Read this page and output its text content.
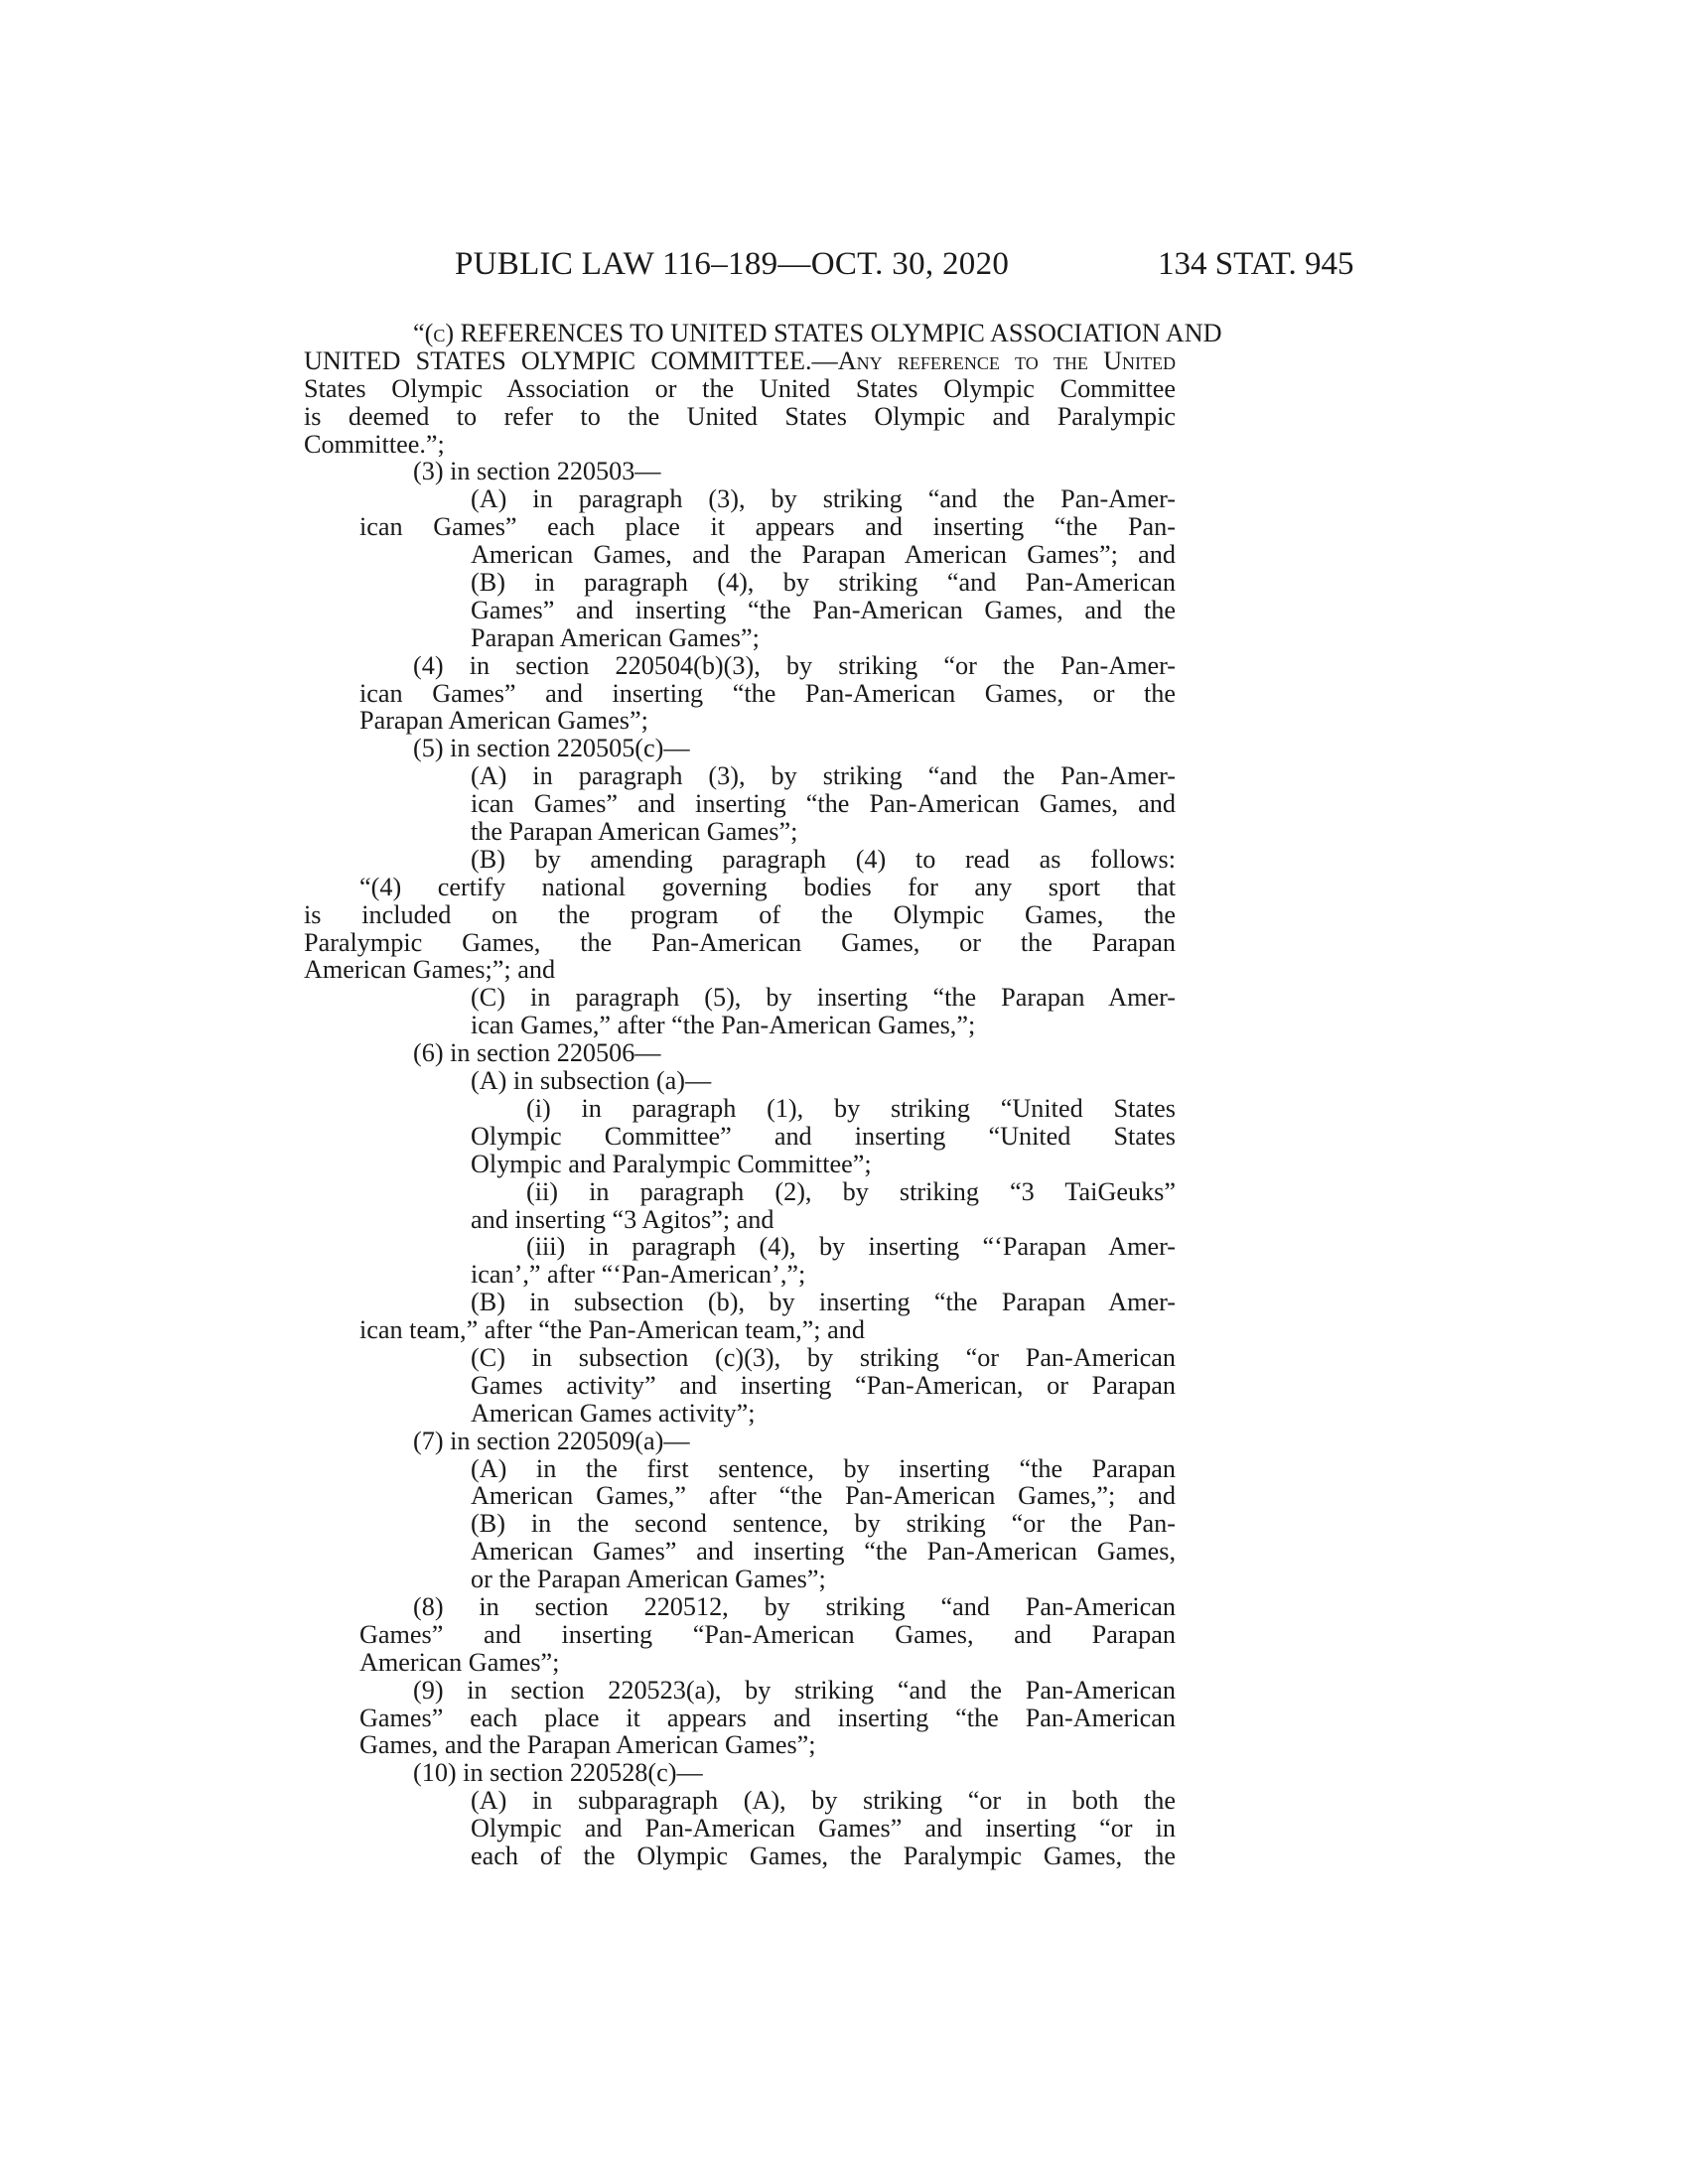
PUBLIC LAW 116–189—OCT. 30, 2020	134 STAT. 945
“(c) REFERENCES TO UNITED STATES OLYMPIC ASSOCIATION AND
UNITED STATES OLYMPIC COMMITTEE.—Any reference to the United
States Olympic Association or the United States Olympic Committee
is deemed to refer to the United States Olympic and Paralympic
Committee.”;
(3) in section 220503—
(A) in paragraph (3), by striking “and the Pan-Amer-
ican Games” each place it appears and inserting “the Pan-
American Games, and the Parapan American Games”; and
(B) in paragraph (4), by striking “and Pan-American
Games” and inserting “the Pan-American Games, and the
Parapan American Games”;
(4) in section 220504(b)(3), by striking “or the Pan-Amer-
ican Games” and inserting “the Pan-American Games, or the
Parapan American Games”;
(5) in section 220505(c)—
(A) in paragraph (3), by striking “and the Pan-Amer-
ican Games” and inserting “the Pan-American Games, and
the Parapan American Games”;
(B) by amending paragraph (4) to read as follows:
“(4) certify national governing bodies for any sport that
is included on the program of the Olympic Games, the
Paralympic Games, the Pan-American Games, or the Parapan
American Games;”; and
(C) in paragraph (5), by inserting “the Parapan Amer-
ican Games,” after “the Pan-American Games,”;
(6) in section 220506—
(A) in subsection (a)—
(i) in paragraph (1), by striking “United States
Olympic Committee” and inserting “United States
Olympic and Paralympic Committee”;
(ii) in paragraph (2), by striking “3 TaiGeuks”
and inserting “3 Agitos”; and
(iii) in paragraph (4), by inserting “‘Parapan Amer-
ican’,” after “‘Pan-American’,”;
(B) in subsection (b), by inserting “the Parapan Amer-
ican team,” after “the Pan-American team,”; and
(C) in subsection (c)(3), by striking “or Pan-American
Games activity” and inserting “Pan-American, or Parapan
American Games activity”;
(7) in section 220509(a)—
(A) in the first sentence, by inserting “the Parapan
American Games,” after “the Pan-American Games,”; and
(B) in the second sentence, by striking “or the Pan-
American Games” and inserting “the Pan-American Games,
or the Parapan American Games”;
(8) in section 220512, by striking “and Pan-American
Games” and inserting “Pan-American Games, and Parapan
American Games”;
(9) in section 220523(a), by striking “and the Pan-American
Games” each place it appears and inserting “the Pan-American
Games, and the Parapan American Games”;
(10) in section 220528(c)—
(A) in subparagraph (A), by striking “or in both the
Olympic and Pan-American Games” and inserting “or in
each of the Olympic Games, the Paralympic Games, the
